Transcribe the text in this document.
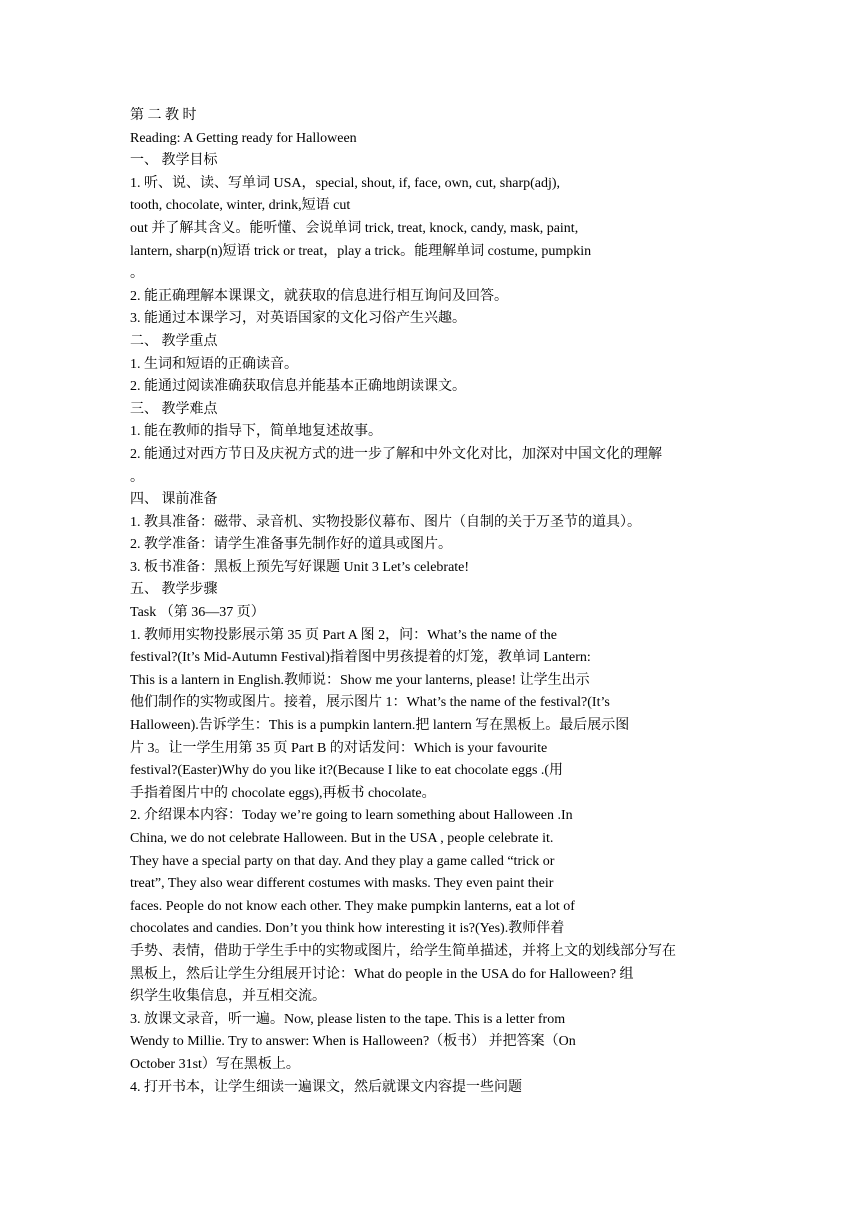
第 二 教 时
Reading: A Getting ready for Halloween
一、 教学目标
1. 听、说、读、写单词 USA，special, shout, if, face, own, cut, sharp(adj),
tooth, chocolate, winter, drink,短语 cut
out 并了解其含义。能听懂、会说单词 trick, treat, knock, candy, mask, paint,
lantern, sharp(n)短语 trick or treat，play a trick。能理解单词 costume, pumpkin
。
2. 能正确理解本课课文，就获取的信息进行相互询问及回答。
3. 能通过本课学习，对英语国家的文化习俗产生兴趣。
二、 教学重点
1. 生词和短语的正确读音。
2. 能通过阅读准确获取信息并能基本正确地朗读课文。
三、 教学难点
1. 能在教师的指导下，简单地复述故事。
2. 能通过对西方节日及庆祝方式的进一步了解和中外文化对比，加深对中国文化的理解
。
四、 课前准备
1. 教具准备：磁带、录音机、实物投影仪幕布、图片（自制的关于万圣节的道具）。
2. 教学准备：请学生准备事先制作好的道具或图片。
3. 板书准备：黑板上预先写好课题 Unit 3 Let’s celebrate!
五、 教学步骤
Task （第 36—37 页）
1. 教师用实物投影展示第 35 页 Part A 图 2，问：What’s the name of the
festival?(It’s Mid-Autumn Festival)指着图中男孩提着的灯笼，教单词 Lantern:
This is a lantern in English.教师说：Show me your lanterns, please! 让学生出示
他们制作的实物或图片。接着，展示图片 1：What’s the name of the festival?(It’s
Halloween).告诉学生：This is a pumpkin lantern.把 lantern 写在黑板上。最后展示图
片 3。让一学生用第 35 页 Part B 的对话发问：Which is your favourite
festival?(Easter)Why do you like it?(Because I like to eat chocolate eggs .(用
手指着图片中的 chocolate eggs),再板书 chocolate。
2. 介绍课本内容：Today we’re going to learn something about Halloween .In
China, we do not celebrate Halloween. But in the USA , people celebrate it.
They have a special party on that day. And they play a game called “trick or
treat”, They also wear different costumes with masks. They even paint their
faces. People do not know each other. They make pumpkin lanterns, eat a lot of
chocolates and candies. Don’t you think how interesting it is?(Yes).教师伴着
手势、表情，借助于学生手中的实物或图片，给学生简单描述，并将上文的划线部分写在
黑板上，然后让学生分组展开讨论：What do people in the USA do for Halloween? 组
织学生收集信息，并互相交流。
3. 放课文录音，听一遍。Now, please listen to the tape. This is a letter from
Wendy to Millie. Try to answer: When is Halloween?（板书） 并把答案（On
October 31st）写在黑板上。
4. 打开书本，让学生细读一遍课文，然后就课文内容提一些问题
